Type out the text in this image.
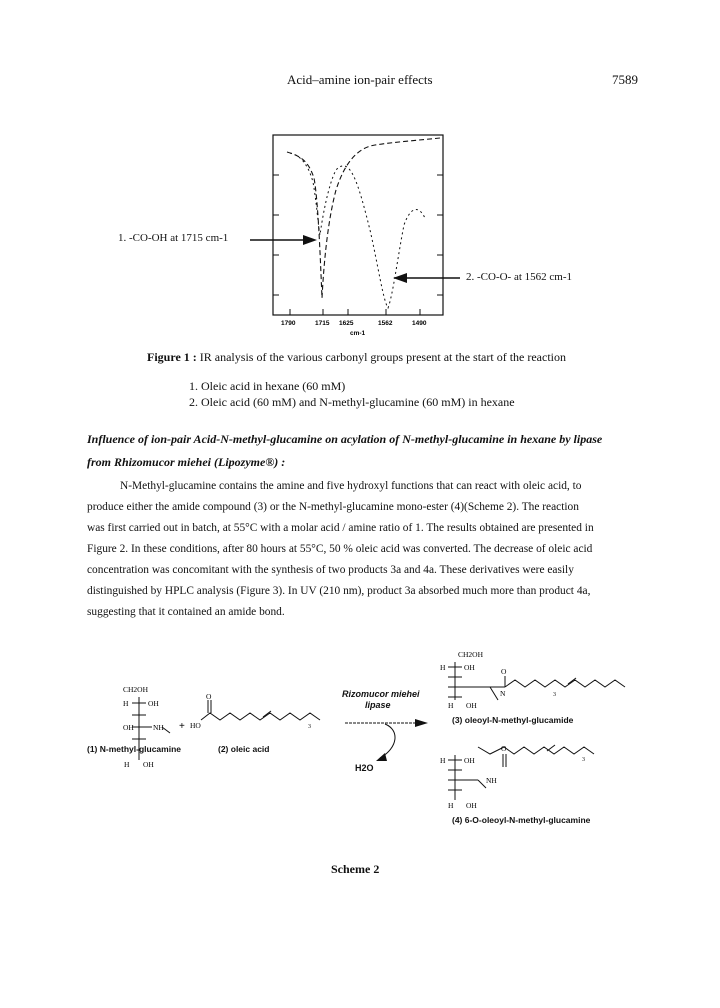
Acid–amine ion-pair effects	7589
1790	1715 1625	1562	1490
cm-1
1. -CO-OH at 1715 cm-1
2. -CO-O- at 1562 cm-1
Figure 1 : IR analysis of the various carbonyl groups present at the start of the reaction
1. Oleic acid in hexane (60 mM)
2. Oleic acid (60 mM) and N-methyl-glucamine (60 mM) in hexane
Influence of ion-pair Acid-N-methyl-glucamine on acylation of N-methyl-glucamine in hexane by lipase
from Rhizomucor miehei (Lipozyme®) :
N-Methyl-glucamine contains the amine and five hydroxyl functions that can react with oleic acid, to
produce either the amide compound (3) or the N-methyl-glucamine mono-ester (4)(Scheme 2). The reaction
was first carried out in batch, at 55°C with a molar acid / amine ratio of 1. The results obtained are presented in
Figure 2. In these conditions, after 80 hours at 55°C, 50 % oleic acid was converted. The decrease of oleic acid
concentration was concomitant with the synthesis of two products 3a and 4a. These derivatives were easily
distinguished by HPLC analysis (Figure 3). In UV (210 nm), product 3a absorbed much more than product 4a,
suggesting that it contained an amide bond.
CH2OH
H	OH
OH	NH
H OH
+ HO
O
3
CH2OH
H OH
N
O
H OH
3
O
H OH
NH
H OH
3
Rizomucor miehei
lipase
H2O
(1) N-methyl-glucamine	(2) oleic acid
(3) oleoyl-N-methyl-glucamide
(4) 6-O-oleoyl-N-methyl-glucamine
Scheme 2
